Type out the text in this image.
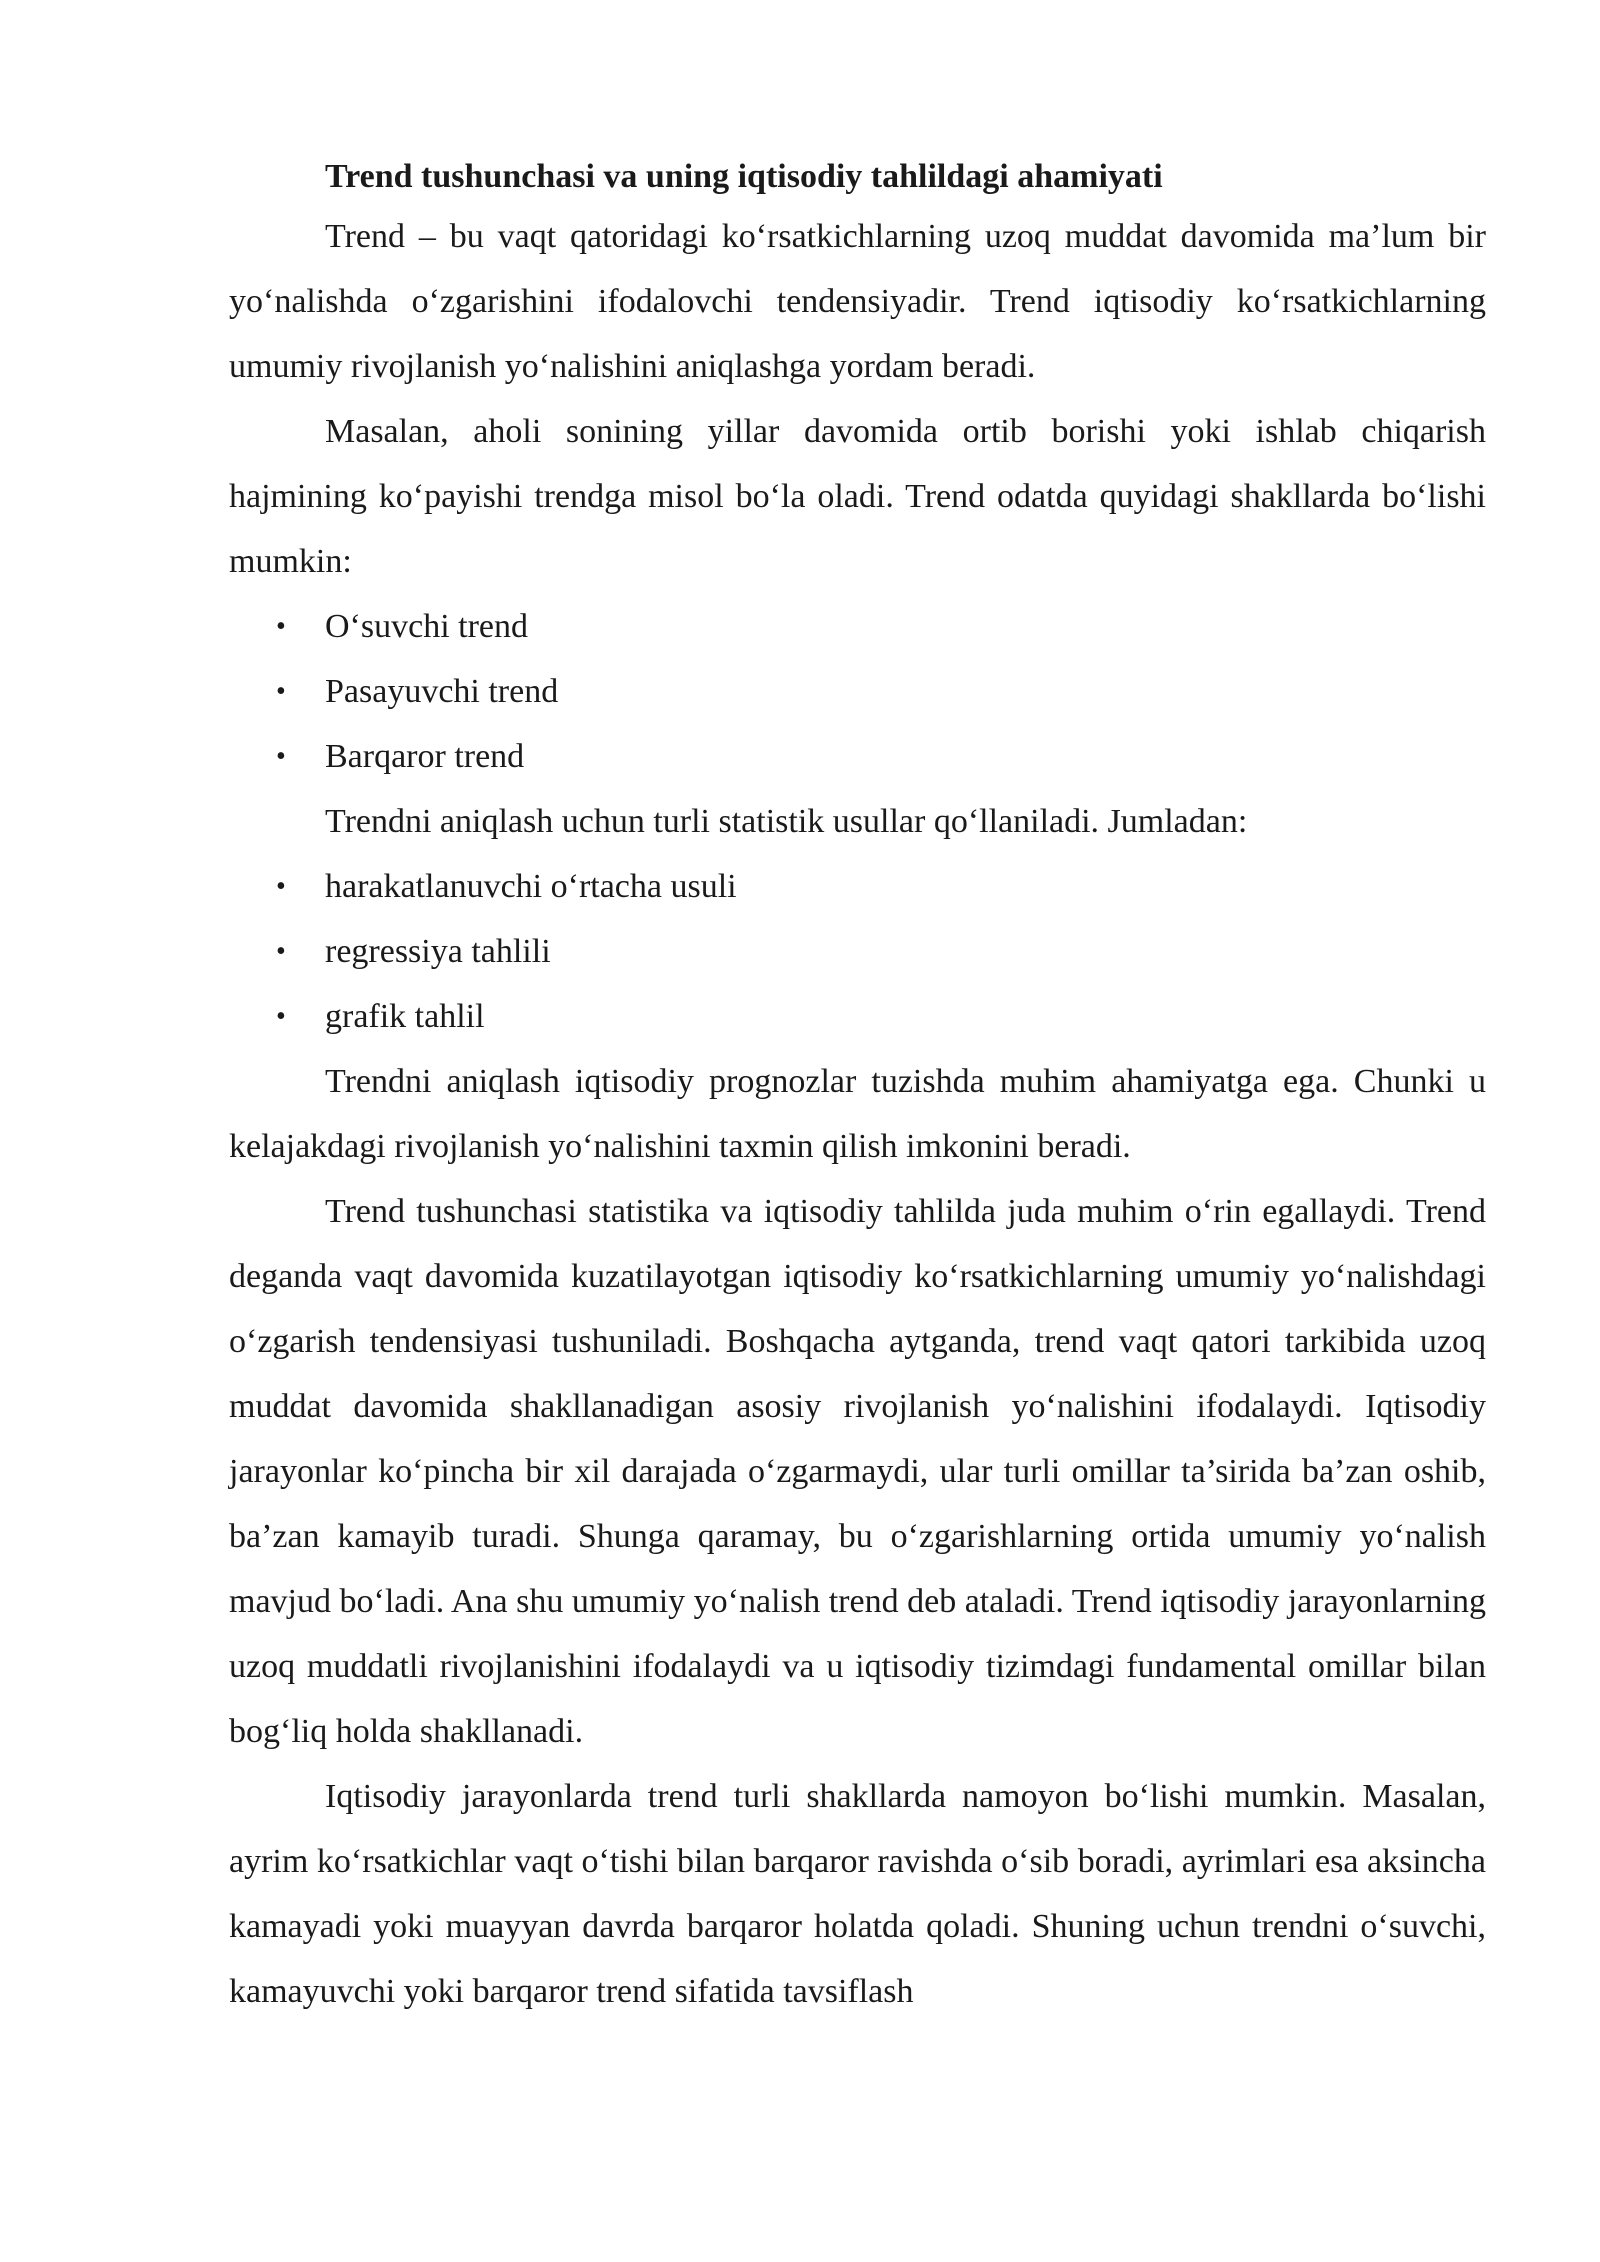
Trend tushunchasi va uning iqtisodiy tahlildagi ahamiyati

Trend – bu vaqt qatoridagi ko‘rsatkichlarning uzoq muddat davomida ma’lum bir yo‘nalishda o‘zgarishini ifodalovchi tendensiyadir. Trend iqtisodiy ko‘rsatkichlarning umumiy rivojlanish yo‘nalishini aniqlashga yordam beradi.

Masalan, aholi sonining yillar davomida ortib borishi yoki ishlab chiqarish hajmining ko‘payishi trendga misol bo‘la oladi. Trend odatda quyidagi shakllarda bo‘lishi mumkin:

• O‘suvchi trend
• Pasayuvchi trend
• Barqaror trend

Trendni aniqlash uchun turli statistik usullar qo‘llaniladi. Jumladan:

• harakatlanuvchi o‘rtacha usuli
• regressiya tahlili
• grafik tahlil

Trendni aniqlash iqtisodiy prognozlar tuzishda muhim ahamiyatga ega. Chunki u kelajakdagi rivojlanish yo‘nalishini taxmin qilish imkonini beradi.

Trend tushunchasi statistika va iqtisodiy tahlilda juda muhim o‘rin egallaydi. Trend deganda vaqt davomida kuzatilayotgan iqtisodiy ko‘rsatkichlarning umumiy yo‘nalishdagi o‘zgarish tendensiyasi tushuniladi. Boshqacha aytganda, trend vaqt qatori tarkibida uzoq muddat davomida shakllanadigan asosiy rivojlanish yo‘nalishini ifodalaydi. Iqtisodiy jarayonlar ko‘pincha bir xil darajada o‘zgarmaydi, ular turli omillar ta’sirida ba’zan oshib, ba’zan kamayib turadi. Shunga qaramay, bu o‘zgarishlarning ortida umumiy yo‘nalish mavjud bo‘ladi. Ana shu umumiy yo‘nalish trend deb ataladi. Trend iqtisodiy jarayonlarning uzoq muddatli rivojlanishini ifodalaydi va u iqtisodiy tizimdagi fundamental omillar bilan bog‘liq holda shakllanadi.

Iqtisodiy jarayonlarda trend turli shakllarda namoyon bo‘lishi mumkin. Masalan, ayrim ko‘rsatkichlar vaqt o‘tishi bilan barqaror ravishda o‘sib boradi, ayrimlari esa aksincha kamayadi yoki muayyan davrda barqaror holatda qoladi. Shuning uchun trendni o‘suvchi, kamayuvchi yoki barqaror trend sifatida tavsiflash
